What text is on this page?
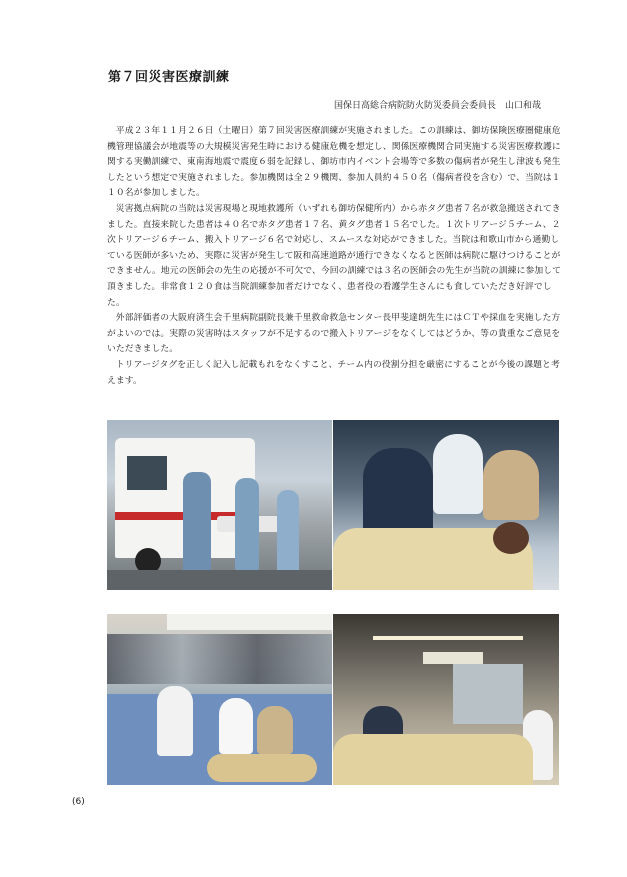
第７回災害医療訓練
国保日高総合病院防火防災委員会委員長　山口和哉

平成２３年１１月２６日（土曜日）第７回災害医療訓練が実施されました。この訓練は、御坊保険医療圏健康危機管理協議会が地震等の大規模災害発生時における健康危機を想定し、関係医療機関合同実施する災害医療救護に関する実働訓練で、東南海地震で震度６弱を記録し、御坊市内イベント会場等で多数の傷病者が発生し津波も発生したという想定で実施されました。参加機関は全２９機関、参加人員約４５０名（傷病者役を含む）で、当院は１１０名が参加しました。

災害拠点病院の当院は災害現場と現地救護所（いずれも御坊保健所内）から赤タグ患者７名が救急搬送されてきました。直接来院した患者は４０名で赤タグ患者１７名、黄タグ患者１５名でした。１次トリアージ５チーム、２次トリアージ６チーム、搬入トリアージ６名で対応し、スムースな対応ができました。当院は和歌山市から通勤している医師が多いため、実際に災害が発生して阪和高速道路が通行できなくなると医師は病院に駆けつけることができません。地元の医師会の先生の応援が不可欠で、今回の訓練では３名の医師会の先生が当院の訓練に参加して頂きました。非常食１２０食は当院訓練参加者だけでなく、患者役の看護学生さんにも食していただき好評でした。

外部評価者の大阪府済生会千里病院副院長兼千里救命救急センター長甲斐達朗先生にはＣＴや採血を実施した方がよいのでは。実際の災害時はスタッフが不足するので搬入トリアージをなくしてはどうか、等の貴重なご意見をいただきました。

トリアージタグを正しく記入し記載もれをなくすこと、チーム内の役割分担を厳密にすることが今後の課題と考えます。

(6)
